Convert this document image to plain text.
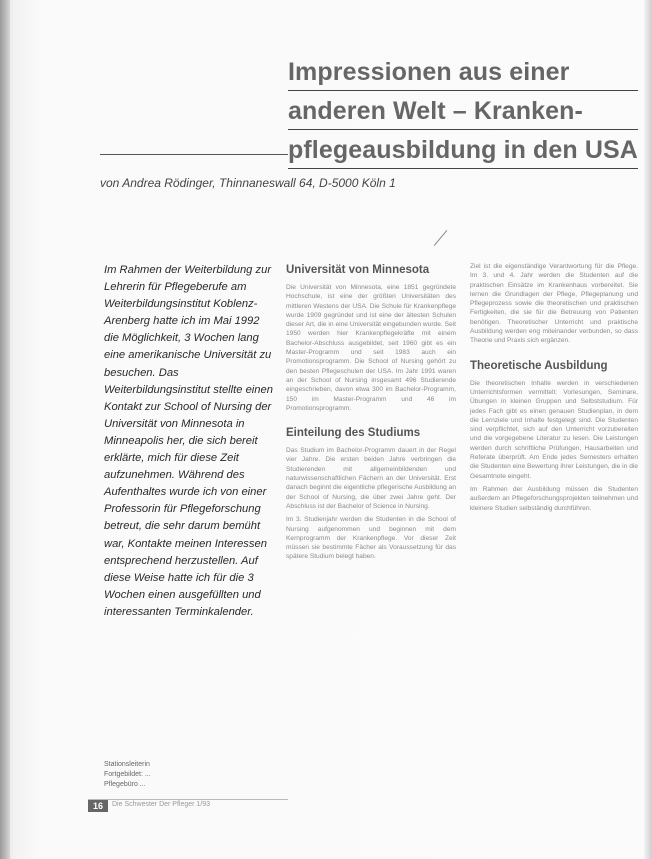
Impressionen aus einer
anderen Welt – Kranken-
pflegeausbildung in den USA
von Andrea Rödinger, Thinnaneswall 64, D-5000 Köln 1
Im Rahmen der Weiterbildung zur Lehrerin für Pflegeberufe am Weiterbildungsinstitut Koblenz-Arenberg hatte ich im Mai 1992 die Möglichkeit, 3 Wochen lang eine amerikanische Universität zu besuchen. Das Weiterbildungsinstitut stellte einen Kontakt zur School of Nursing der Universität von Minnesota in Minneapolis her, die sich bereit erklärte, mich für diese Zeit aufzunehmen. Während des Aufenthaltes wurde ich von einer Professorin für Pflegeforschung betreut, die sehr darum bemüht war, Kontakte meinen Interessen entsprechend herzustellen. Auf diese Weise hatte ich für die 3 Wochen einen ausgefüllten und interessanten Terminkalender.
Universität von Minnesota

Die Universität von Minnesota, eine 1851 gegründete Hochschule, ist eine der größten Universitäten des mittleren Westens der USA. Die Schule für Krankenpflege wurde 1909 gegründet und ist eine der ältesten Schulen dieser Art, die in eine Universität eingebunden wurde. Seit 1950 werden hier Krankenpflegekräfte mit einem Bachelor-Abschluss ausgebildet, seit 1960 gibt es ein Master-Programm und seit 1983 auch ein Promotionsprogramm. Die School of Nursing gehört zu den besten Pflegeschulen der USA. Im Jahr 1991 waren an der School of Nursing insgesamt 496 Studierende eingeschrieben, davon etwa 300 im Bachelor-Programm, 150 im Master-Programm und 46 im Promotionsprogramm.

Einteilung des Studiums

Das Studium im Bachelor-Programm dauert in der Regel vier Jahre. Die ersten beiden Jahre verbringen die Studierenden mit allgemeinbildenden und naturwissenschaftlichen Fächern an der Universität. Erst danach beginnt die eigentliche pflegerische Ausbildung an der School of Nursing, die über zwei Jahre geht. Der Abschluss ist der Bachelor of Science in Nursing.

Im 3. Studienjahr werden die Studenten in die School of Nursing aufgenommen und beginnen mit dem Kernprogramm der Krankenpflege. Vor dieser Zeit müssen sie bestimmte Fächer als Voraussetzung für das spätere Studium belegt haben.

Ziel ist die eigenständige Verantwortung für die Pflege. Im 3. und 4. Jahr werden die Studenten auf die praktischen Einsätze im Krankenhaus vorbereitet. Sie lernen die Grundlagen der Pflege, Pflegeplanung und Pflegeprozess sowie die theoretischen und praktischen Fertigkeiten, die sie für die Betreuung von Patienten benötigen. Theoretischer Unterricht und praktische Ausbildung werden eng miteinander verbunden, so dass Theorie und Praxis sich ergänzen.

Theoretische Ausbildung

Die theoretischen Inhalte werden in verschiedenen Unterrichtsformen vermittelt: Vorlesungen, Seminare, Übungen in kleinen Gruppen und Selbststudium. Für jedes Fach gibt es einen genauen Studienplan, in dem die Lernziele und Inhalte festgelegt sind. Die Studenten sind verpflichtet, sich auf den Unterricht vorzubereiten und die vorgegebene Literatur zu lesen. Die Leistungen werden durch schriftliche Prüfungen, Hausarbeiten und Referate überprüft. Am Ende jedes Semesters erhalten die Studenten eine Bewertung ihrer Leistungen, die in die Gesamtnote eingeht.

Im Rahmen der Ausbildung müssen die Studenten außerdem an Pflegeforschungsprojekten teilnehmen und kleinere Studien selbständig durchführen.

Stationsleiterin
Fortgebildet: ...
Pflegebüro ...
16	Die Schwester Der Pfleger 1/93
